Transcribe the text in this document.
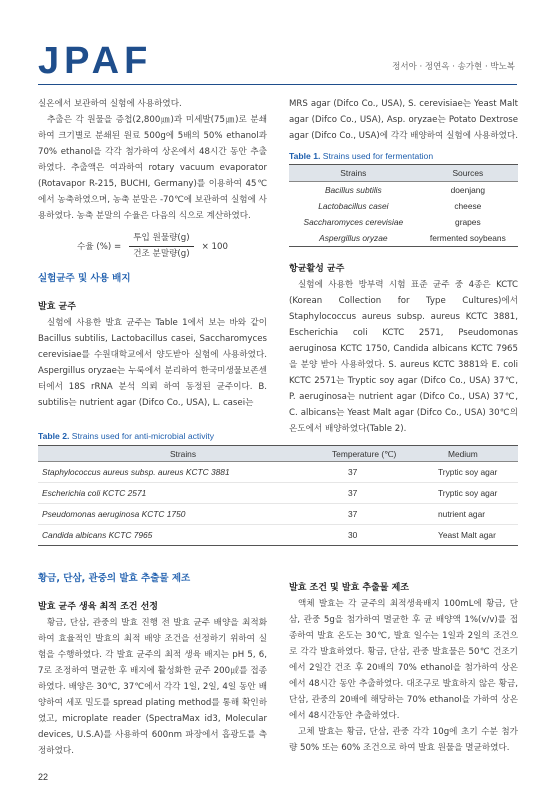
JPAF	정서아 · 정연옥 · 송가현 · 박노복

실온에서 보관하여 실험에 사용하였다.

추출은 각 원물을 증첩(2,800㎛)과 미세발(75㎛)로 분쇄하여 크기별로 분쇄된 원료 500g에 5배의 50% ethanol과 70% ethanol을 각각 첨가하여 상온에서 48시간 동안 추출하였다. 추출액은 여과하여 rotary vacuum evaporator (Rotavapor R-215, BUCHI, Germany)를 이용하여 45℃에서 농축하였으며, 농축 분말은 -70℃에 보관하여 실험에 사용하였다. 농축 분말의 수율은 다음의 식으로 계산하였다.

수율 (%) = $\frac{\text{투입 원물량(g)}}{\text{건조 분말량(g)}} \times 100$

실험균주 및 사용 배지

발효 균주

실험에 사용한 발효 균주는 Table 1에서 보는 바와 같이 Bacillus subtilis, Lactobacillus casei, Saccharomyces cerevisiae를 수원대학교에서 양도받아 실험에 사용하였다. Aspergillus oryzae는 누룩에서 분리하여 한국미생물보존센터에서 18S rRNA 분석 의뢰 하여 동정된 균주이다. B. subtilis는 nutrient agar (Difco Co., USA), L. casei는

MRS agar (Difco Co., USA), S. cerevisiae는 Yeast Malt agar (Difco Co., USA), Asp. oryzae는 Potato Dextrose agar (Difco Co., USA)에 각각 배양하여 실험에 사용하였다.

Table 1. Strains used for fermentation
Strains	Sources
Bacillus subtilis	doenjang
Lactobacillus casei	cheese
Saccharomyces cerevisiae	grapes
Aspergillus oryzae	fermented soybeans

항균활성 균주

실험에 사용한 방부력 시험 표준 균주 중 4종은 KCTC (Korean Collection for Type Cultures)에서 Staphylococcus aureus subsp. aureus KCTC 3881, Escherichia coli KCTC 2571, Pseudomonas aeruginosa KCTC 1750, Candida albicans KCTC 7965을 분양 받아 사용하였다. S. aureus KCTC 3881와 E. coli KCTC 2571는 Tryptic soy agar (Difco Co., USA) 37℃, P. aeruginosa는 nutrient agar (Difco Co., USA) 37℃, C. albicans는 Yeast Malt agar (Difco Co., USA) 30℃의 온도에서 배양하였다(Table 2).

Table 2. Strains used for anti-microbial activity
Strains	Temperature (℃)	Medium
Staphylococcus aureus subsp. aureus KCTC 3881	37	Tryptic soy agar
Escherichia coli KCTC 2571	37	Tryptic soy agar
Pseudomonas aeruginosa KCTC 1750	37	nutrient agar
Candida albicans KCTC 7965	30	Yeast Malt agar

황금, 단삼, 관중의 발효 추출물 제조

발효 균주 생육 최적 조건 선정

황금, 단삼, 관중의 발효 진행 전 발효 균주 배양을 최적화하여 효율적인 발효의 최적 배양 조건을 선정하기 위하여 실험을 수행하였다. 각 발효 균주의 최적 생육 배지는 pH 5, 6, 7로 조정하여 멸균한 후 배지에 활성화한 균주 200㎕를 접종하였다. 배양은 30℃, 37℃에서 각각 1일, 2일, 4일 동안 배양하여 세포 밀도를 spread plating method를 통해 확인하였고, microplate reader (SpectraMax id3, Molecular devices, U.S.A)를 사용하여 600nm 파장에서 흡광도를 측정하였다.

발효 조건 및 발효 추출물 제조

액체 발효는 각 균주의 최적생육배지 100mL에 황금, 단삼, 관중 5g을 첨가하여 멸균한 후 균 배양액 1%(v/v)를 접종하여 발효 온도는 30℃, 발효 일수는 1일과 2일의 조건으로 각각 발효하였다. 황금, 단삼, 관중 발효물은 50℃ 건조기에서 2일간 건조 후 20배의 70% ethanol을 첨가하여 상온에서 48시간 동안 추출하였다. 대조구로 발효하지 않은 황금, 단삼, 관중의 20배에 해당하는 70% ethanol을 가하여 상온에서 48시간동안 추출하였다.

고체 발효는 황금, 단삼, 관중 각각 10g에 초기 수분 첨가량 50% 또는 60% 조건으로 하여 발효 원물을 멸균하였다.

22
